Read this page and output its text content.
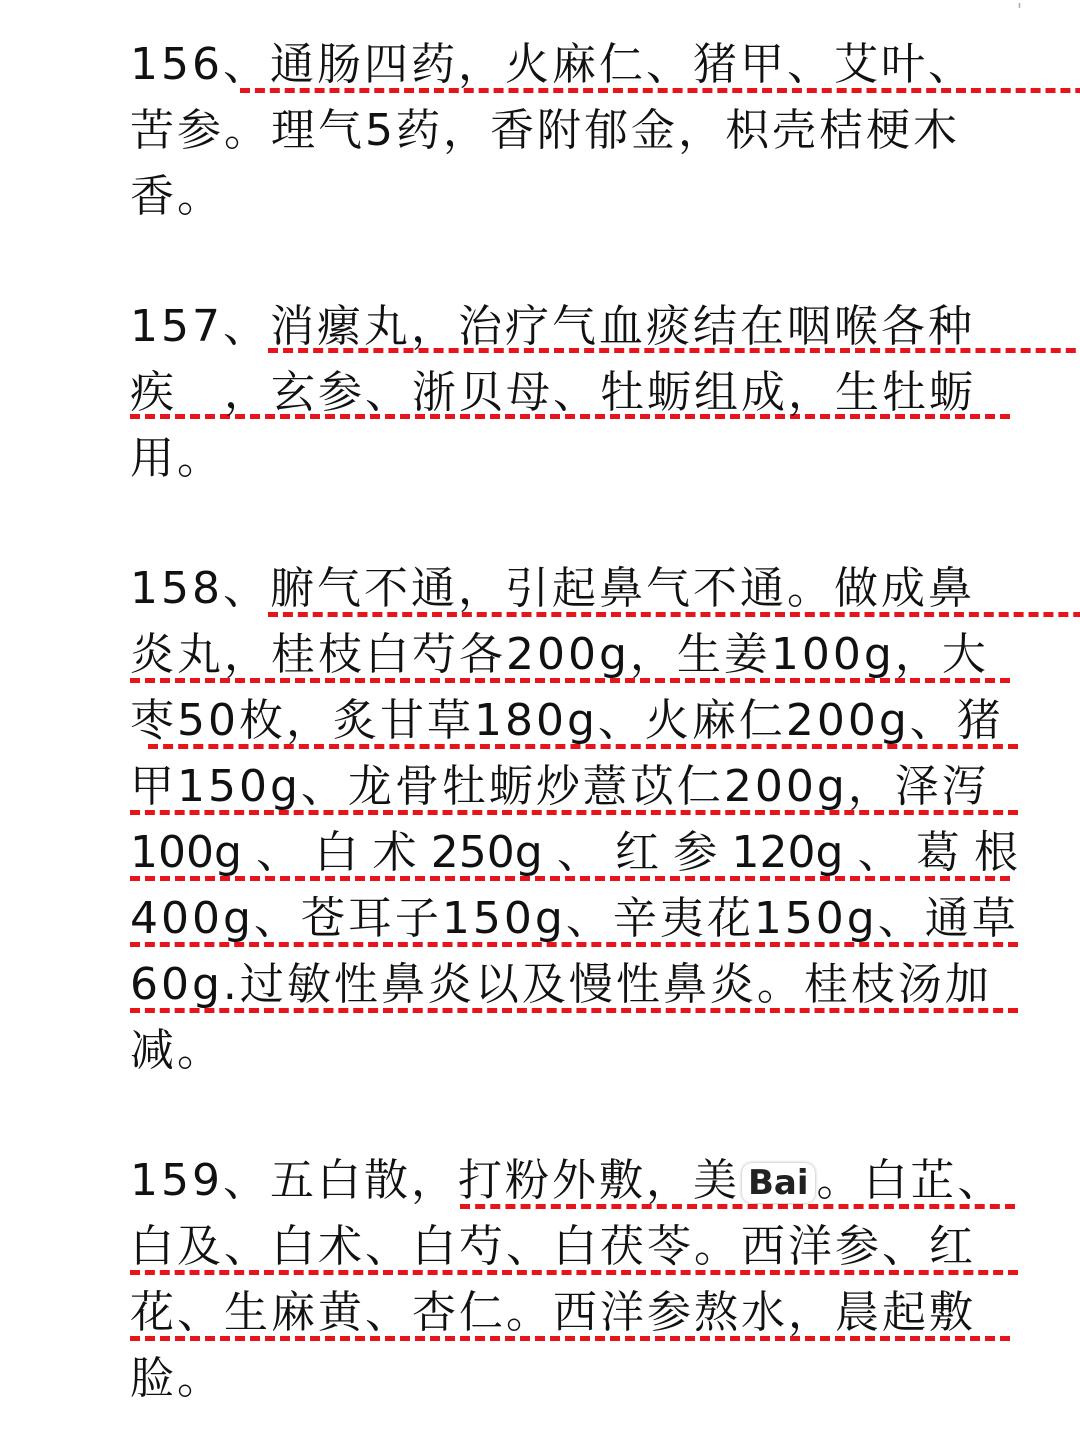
'
156、通肠四药，火麻仁、猪甲、艾叶、
苦参。理气5药，香附郁金，枳壳桔梗木
香。
157、消瘰丸，治疗气血痰结在咽喉各种
疾　，玄参、浙贝母、牡蛎组成，生牡蛎
用。
158、腑气不通，引起鼻气不通。做成鼻
炎丸，桂枝白芍各200g，生姜100g，大
枣50枚，炙甘草180g、火麻仁200g、猪
甲150g、龙骨牡蛎炒薏苡仁200g，泽泻
100g 、 白 术 250g 、 红 参 120g 、 葛 根
400g、苍耳子150g、辛夷花150g、通草
60g.过敏性鼻炎以及慢性鼻炎。桂枝汤加
减。
159、五白散，打粉外敷，美 Bai 。白芷、
白及、白术、白芍、白茯苓。西洋参、红
花、生麻黄、杏仁。西洋参熬水，晨起敷
脸。
